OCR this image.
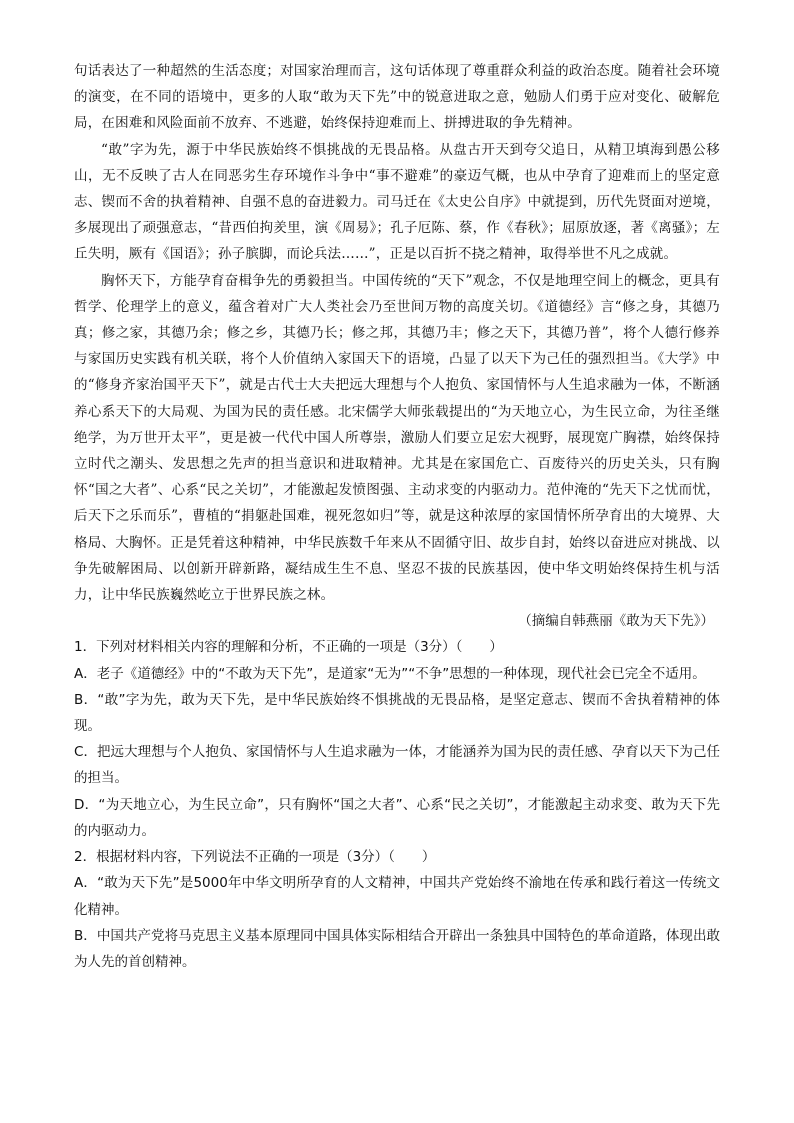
句话表达了一种超然的生活态度；对国家治理而言，这句话体现了尊重群众利益的政治态度。随着社会环境的演变，在不同的语境中，更多的人取“敢为天下先”中的锐意进取之意，勉励人们勇于应对变化、破解危局，在困难和风险面前不放弃、不逃避，始终保持迎难而上、拼搏进取的争先精神。

“敢”字为先，源于中华民族始终不惧挑战的无畏品格。从盘古开天到夸父追日，从精卫填海到愚公移山，无不反映了古人在同恶劣生存环境作斗争中“事不避难”的豪迈气概，也从中孕育了迎难而上的坚定意志、锲而不舍的执着精神、自强不息的奋进毅力。司马迁在《太史公自序》中就提到，历代先贤面对逆境，多展现出了顽强意志，“昔西伯拘羑里，演《周易》；孔子厄陈、蔡，作《春秋》；屈原放逐，著《离骚》；左丘失明，厥有《国语》；孙子膑脚，而论兵法……”，正是以百折不挠之精神，取得举世不凡之成就。

胸怀天下，方能孕育奋楫争先的勇毅担当。中国传统的“天下”观念，不仅是地理空间上的概念，更具有哲学、伦理学上的意义，蕴含着对广大人类社会乃至世间万物的高度关切。《道德经》言“修之身，其德乃真；修之家，其德乃余；修之乡，其德乃长；修之邦，其德乃丰；修之天下，其德乃普”，将个人德行修养与家国历史实践有机关联，将个人价值纳入家国天下的语境，凸显了以天下为己任的强烈担当。《大学》中的“修身齐家治国平天下”，就是古代士大夫把远大理想与个人抱负、家国情怀与人生追求融为一体，不断涵养心系天下的大局观、为国为民的责任感。北宋儒学大师张载提出的“为天地立心，为生民立命，为往圣继绝学，为万世开太平”，更是被一代代中国人所尊崇，激励人们要立足宏大视野，展现宽广胸襟，始终保持立时代之潮头、发思想之先声的担当意识和进取精神。尤其是在家国危亡、百废待兴的历史关头，只有胸怀“国之大者”、心系“民之关切”，才能激起发愤图强、主动求变的内驱动力。范仲淹的“先天下之忧而忧，后天下之乐而乐”，曹植的“捐躯赴国难，视死忽如归”等，就是这种浓厚的家国情怀所孕育出的大境界、大格局、大胸怀。正是凭着这种精神，中华民族数千年来从不固循守旧、故步自封，始终以奋进应对挑战、以争先破解困局、以创新开辟新路，凝结成生生不息、坚忍不拔的民族基因，使中华文明始终保持生机与活力，让中华民族巍然屹立于世界民族之林。

（摘编自韩燕丽《敢为天下先》）

1．下列对材料相关内容的理解和分析，不正确的一项是（3分）（　　）

A．老子《道德经》中的“不敢为天下先”，是道家“无为”“不争”思想的一种体现，现代社会已完全不适用。

B．“敢”字为先，敢为天下先，是中华民族始终不惧挑战的无畏品格，是坚定意志、锲而不舍执着精神的体现。

C．把远大理想与个人抱负、家国情怀与人生追求融为一体，才能涵养为国为民的责任感、孕育以天下为己任的担当。

D．“为天地立心，为生民立命”，只有胸怀“国之大者”、心系“民之关切”，才能激起主动求变、敢为天下先的内驱动力。

2．根据材料内容，下列说法不正确的一项是（3分）（　　）

A．“敢为天下先”是5000年中华文明所孕育的人文精神，中国共产党始终不渝地在传承和践行着这一传统文化精神。

B．中国共产党将马克思主义基本原理同中国具体实际相结合开辟出一条独具中国特色的革命道路，体现出敢为人先的首创精神。
